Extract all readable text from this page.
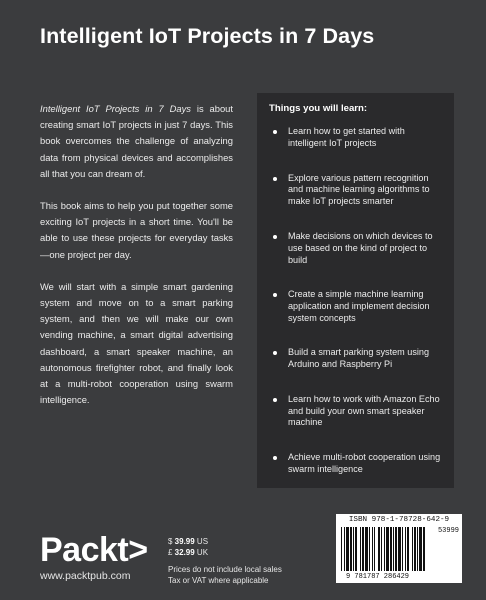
Intelligent IoT Projects in 7 Days

Intelligent IoT Projects in 7 Days is about creating smart IoT projects in just 7 days. This book overcomes the challenge of analyzing data from physical devices and accomplishes all that you can dream of.

This book aims to help you put together some exciting IoT projects in a short time. You'll be able to use these projects for everyday tasks—one project per day.

We will start with a simple smart gardening system and move on to a smart parking system, and then we will make our own vending machine, a smart digital advertising dashboard, a smart speaker machine, an autonomous firefighter robot, and finally look at a multi-robot cooperation using swarm intelligence.

Things you will learn:
Learn how to get started with intelligent IoT projects
Explore various pattern recognition and machine learning algorithms to make IoT projects smarter
Make decisions on which devices to use based on the kind of project to build
Create a simple machine learning application and implement decision system concepts
Build a smart parking system using Arduino and Raspberry Pi
Learn how to work with Amazon Echo and build your own smart speaker machine
Achieve multi-robot cooperation using swarm intelligence
Packt>
www.packtpub.com
$ 39.99 US
£ 32.99 UK
Prices do not include local sales
Tax or VAT where applicable
ISBN 978-1-78728-642-9
9 781787 286429
53999
